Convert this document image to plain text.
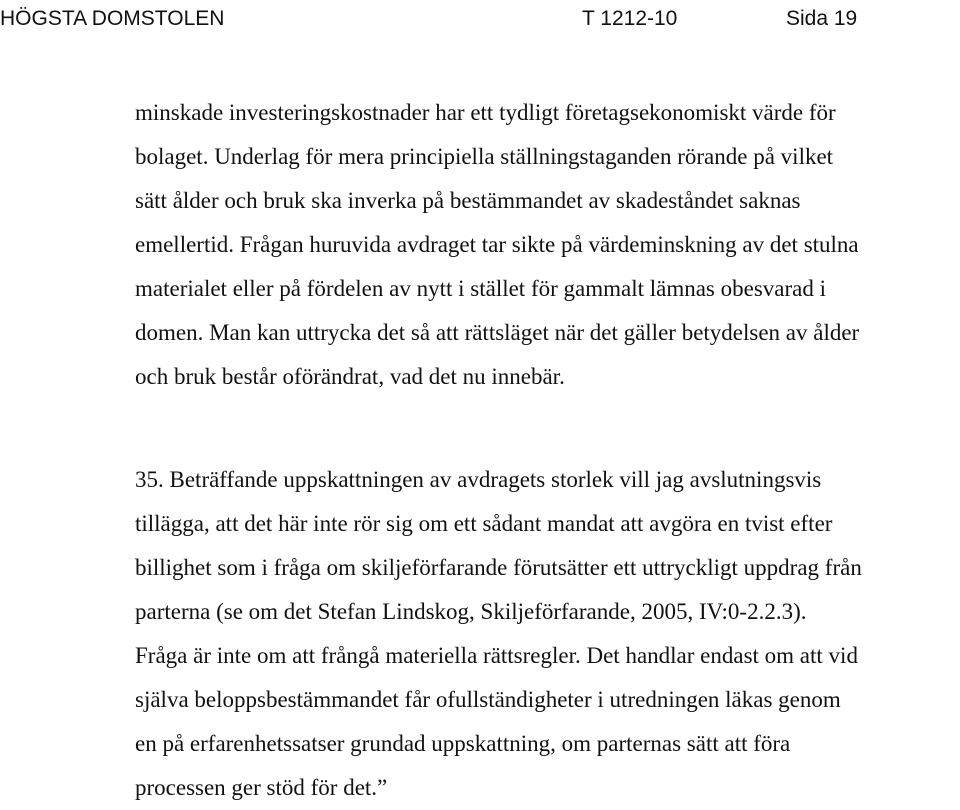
HÖGSTA DOMSTOLEN	T 1212-10	Sida 19
minskade investeringskostnader har ett tydligt företagsekonomiskt värde för
bolaget. Underlag för mera principiella ställningstaganden rörande på vilket
sätt ålder och bruk ska inverka på bestämmandet av skadeståndet saknas
emellertid. Frågan huruvida avdraget tar sikte på värdeminskning av det stulna
materialet eller på fördelen av nytt i stället för gammalt lämnas obesvarad i
domen. Man kan uttrycka det så att rättsläget när det gäller betydelsen av ålder
och bruk består oförändrat, vad det nu innebär.
35. Beträffande uppskattningen av avdragets storlek vill jag avslutningsvis
tillägga, att det här inte rör sig om ett sådant mandat att avgöra en tvist efter
billighet som i fråga om skiljeförfarande förutsätter ett uttryckligt uppdrag från
parterna (se om det Stefan Lindskog, Skiljeförfarande, 2005, IV:0-2.2.3).
Fråga är inte om att frångå materiella rättsregler. Det handlar endast om att vid
själva beloppsbestämmandet får ofullständigheter i utredningen läkas genom
en på erfarenhetssatser grundad uppskattning, om parternas sätt att föra
processen ger stöd för det.”
